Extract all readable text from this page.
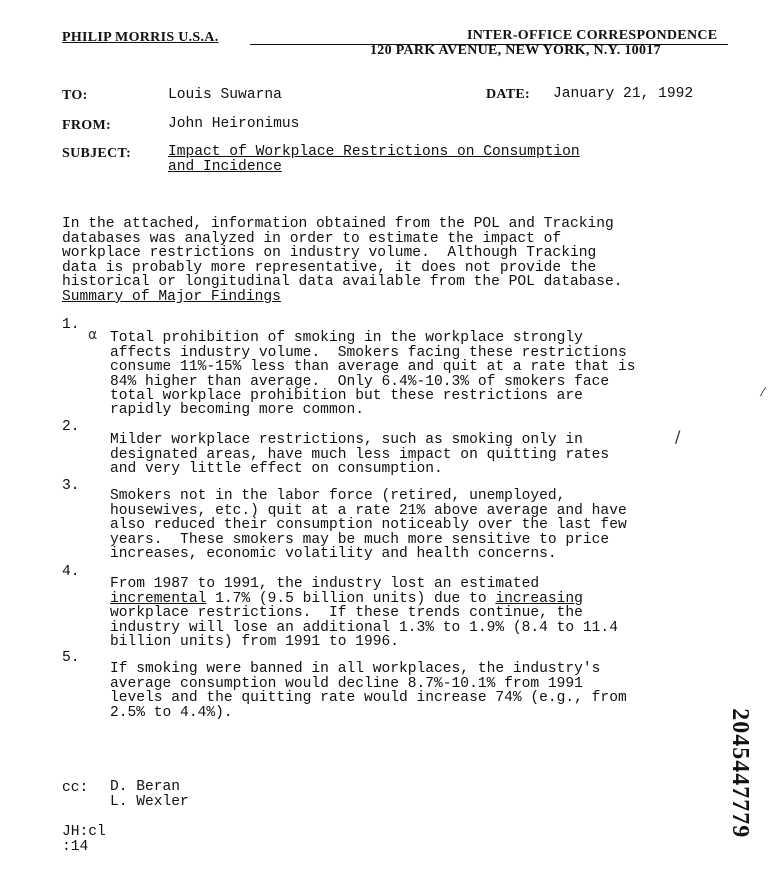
PHILIP MORRIS U.S.A.	INTER-OFFICE CORRESPONDENCE
120 PARK AVENUE, NEW YORK, N.Y. 10017
TO:	Louis Suwarna	DATE: January 21, 1992
FROM:	John Heironimus
SUBJECT:	Impact of Workplace Restrictions on Consumption
and Incidence

In the attached, information obtained from the POL and Tracking
databases was analyzed in order to estimate the impact of
workplace restrictions on industry volume.  Although Tracking
data is probably more representative, it does not provide the
historical or longitudinal data available from the POL database.

Summary of Major Findings
1.

Total prohibition of smoking in the workplace strongly
affects industry volume.  Smokers facing these restrictions
consume 11%-15% less than average and quit at a rate that is
84% higher than average.  Only 6.4%-10.3% of smokers face
total workplace prohibition but these restrictions are
rapidly becoming more common.

α
2.

Milder workplace restrictions, such as smoking only in
designated areas, have much less impact on quitting rates
and very little effect on consumption.

/
3.

Smokers not in the labor force (retired, unemployed,
housewives, etc.) quit at a rate 21% above average and have
also reduced their consumption noticeably over the last few
years.  These smokers may be much more sensitive to price
increases, economic volatility and health concerns.

4.

From 1987 to 1991, the industry lost an estimated
incremental 1.7% (9.5 billion units) due to increasing
workplace restrictions.  If these trends continue, the
industry will lose an additional 1.3% to 1.9% (8.4 to 11.4
billion units) from 1991 to 1996.

5.

If smoking were banned in all workplaces, the industry's
average consumption would decline 8.7%-10.1% from 1991
levels and the quitting rate would increase 74% (e.g., from
2.5% to 4.4%).

cc: D. Beran
L. Wexler
JH:cl
:14
2045447779
⁄
